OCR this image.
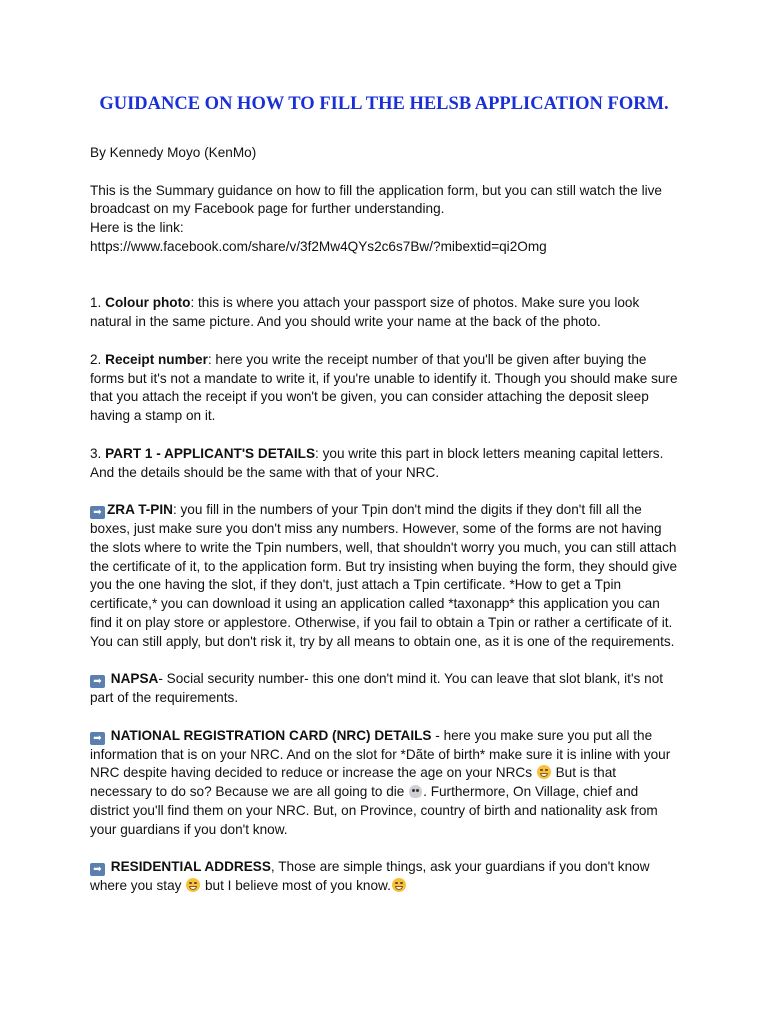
GUIDANCE ON HOW TO FILL THE HELSB APPLICATION FORM.

By Kennedy Moyo (KenMo)

This is the Summary guidance on how to fill the application form, but you can still watch the live broadcast on my Facebook page for further understanding.
Here is the link:
https://www.facebook.com/share/v/3f2Mw4QYs2c6s7Bw/?mibextid=qi2Omg

1. Colour photo: this is where you attach your passport size of photos. Make sure you look natural in the same picture. And you should write your name at the back of the photo.

2. Receipt number: here you write the receipt number of that you'll be given after buying the forms but it's not a mandate to write it, if you're unable to identify it. Though you should make sure that you attach the receipt if you won't be given, you can consider attaching the deposit sleep having a stamp on it.

3. PART 1 - APPLICANT'S DETAILS: you write this part in block letters meaning capital letters. And the details should be the same with that of your NRC.

➡ ZRA T-PIN: you fill in the numbers of your Tpin don't mind the digits if they don't fill all the boxes, just make sure you don't miss any numbers. However, some of the forms are not having the slots where to write the Tpin numbers, well, that shouldn't worry you much, you can still attach the certificate of it, to the application form. But try insisting when buying the form, they should give you the one having the slot, if they don't, just attach a Tpin certificate. *How to get a Tpin certificate,* you can download it using an application called *taxonapp* this application you can find it on play store or applestore. Otherwise, if you fail to obtain a Tpin or rather a certificate of it. You can still apply, but don't risk it, try by all means to obtain one, as it is one of the requirements.

➡ NAPSA- Social security number- this one don't mind it. You can leave that slot blank, it's not part of the requirements.

➡ NATIONAL REGISTRATION CARD (NRC) DETAILS - here you make sure you put all the information that is on your NRC. And on the slot for *Dãte of birth* make sure it is inline with your NRC despite having decided to reduce or increase the age on your NRCs
But is that necessary to do so? Because we are all going to die . Furthermore, On Village, chief and district you'll find them on your NRC. But, on Province, country of birth and nationality ask from your guardians if you don't know.

➡ RESIDENTIAL ADDRESS, Those are simple things, ask your guardians if you don't know where you stay
but I believe most of you know.
